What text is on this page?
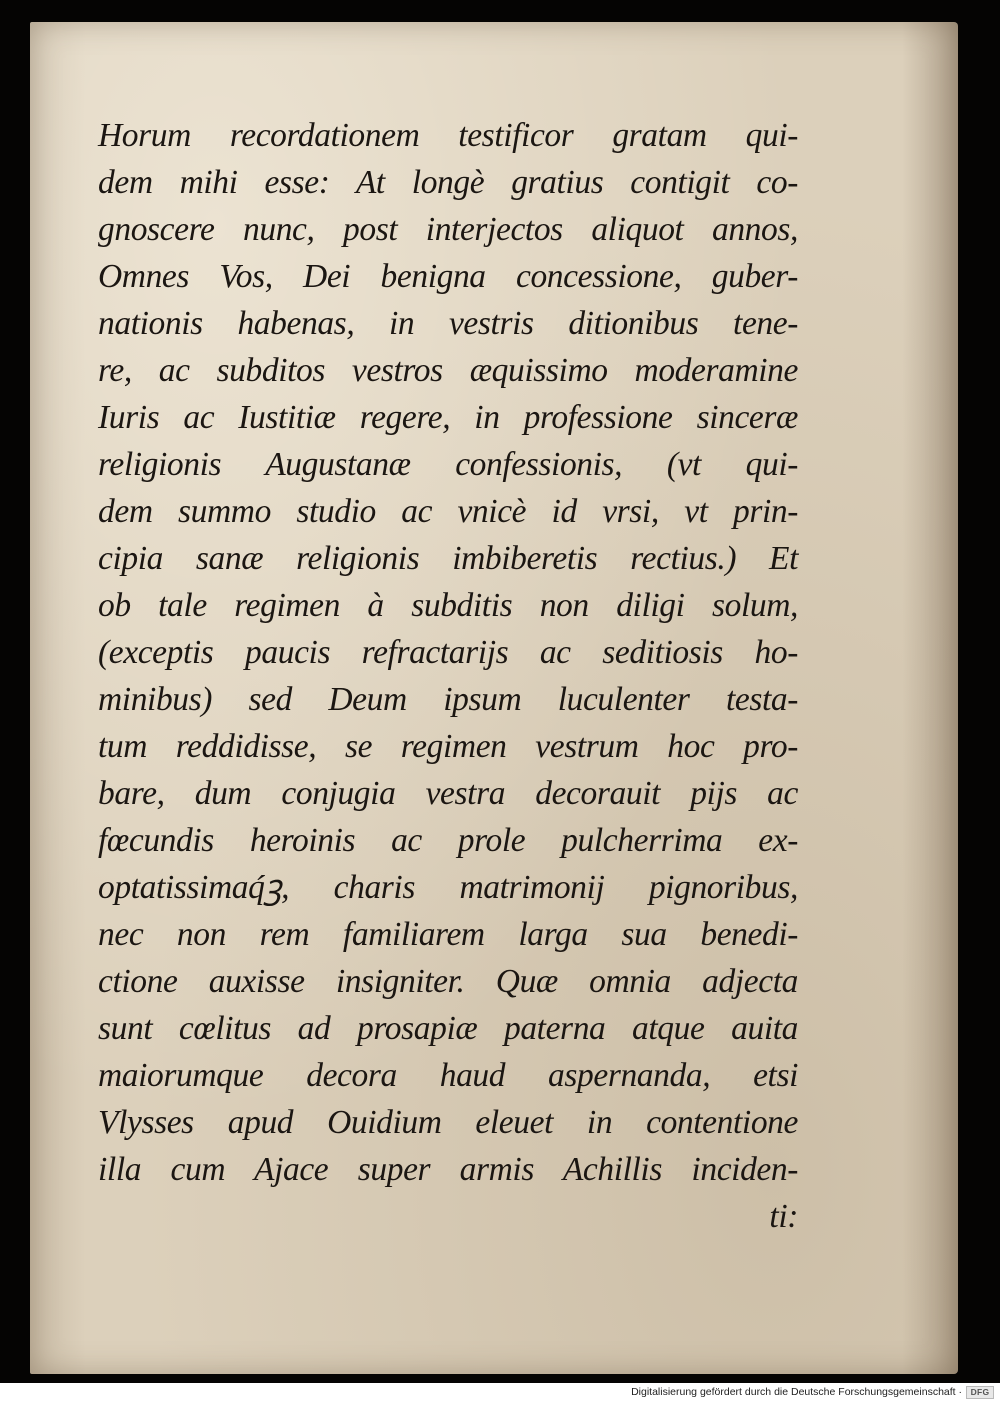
Horum recordationem testificor gratam qui-
dem mihi esse: At longè gratius contigit co-
gnoscere nunc, post interjectos aliquot annos,
Omnes Vos, Dei benigna concessione, guber-
nationis habenas, in vestris ditionibus tene-
re, ac subditos vestros æquissimo moderamine
Iuris ac Iustitiæ regere, in professione sinceræ
religionis Augustanæ confessionis, (vt qui-
dem summo studio ac vnicè id vrsi, vt prin-
cipia sanæ religionis imbiberetis rectius.) Et
ob tale regimen à subditis non diligi solum,
(exceptis paucis refractarijs ac seditiosis ho-
minibus) sed Deum ipsum luculenter testa-
tum reddidisse, se regimen vestrum hoc pro-
bare, dum conjugia vestra decorauit pijs ac
fœcundis heroinis ac prole pulcherrima ex-
optatissimaq́ꝫ, charis matrimonij pignoribus,
nec non rem familiarem larga sua benedi-
ctione auxisse insigniter. Quæ omnia adjecta
sunt cœlitus ad prosapiæ paterna atque auita
maiorumque decora haud aspernanda, etsi
Vlysses apud Ouidium eleuet in contentione
illa cum Ajace super armis Achillis inciden-
ti:
Digitalisierung gefördert durch die Deutsche Forschungsgemeinschaft ·	DFG
